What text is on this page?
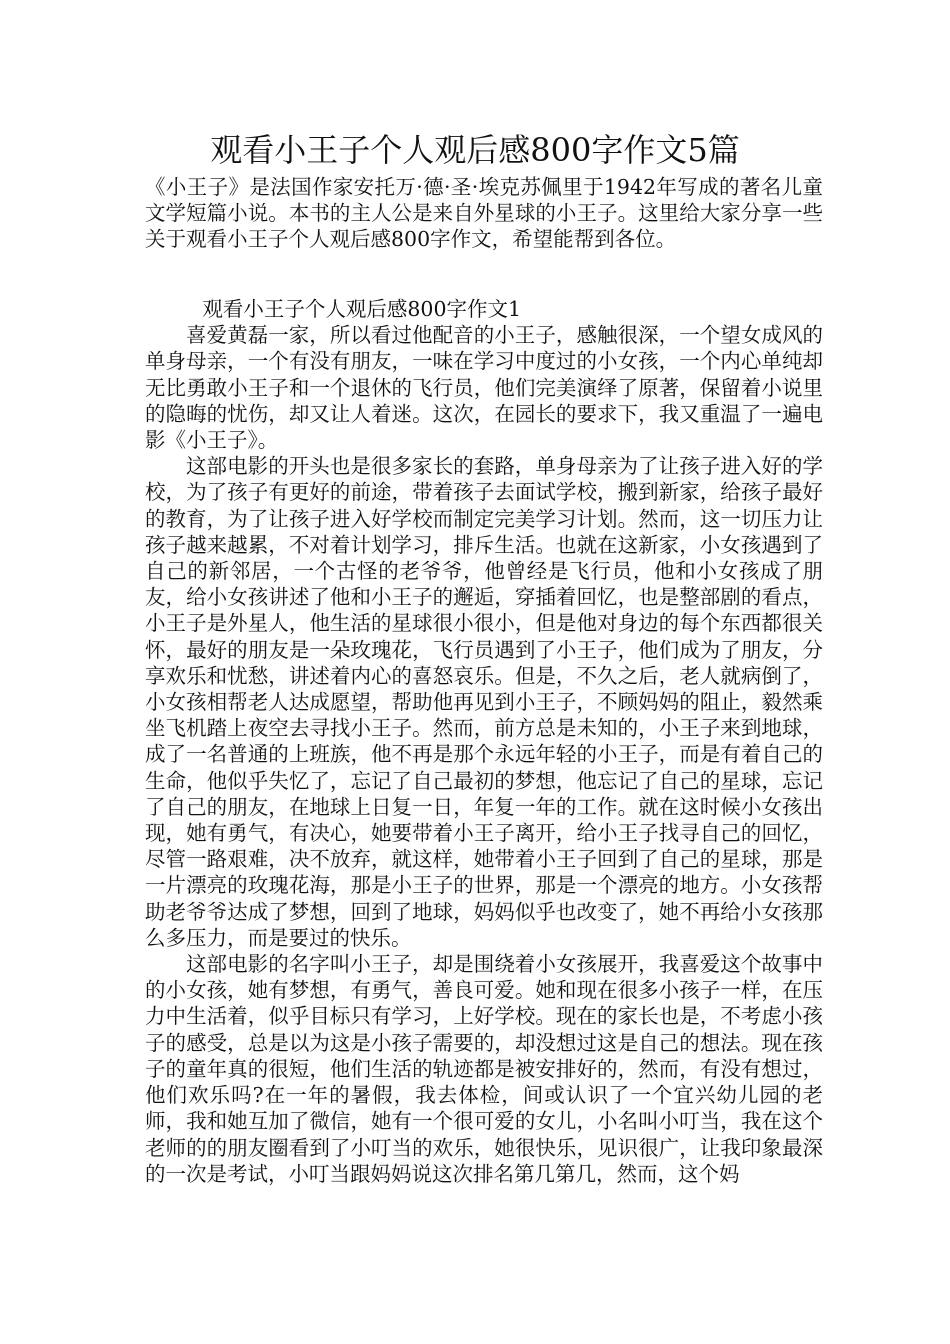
观看小王子个人观后感800字作文5篇

《小王子》是法国作家安托万·德·圣·埃克苏佩里于1942年写成的著名儿童文学短篇小说。本书的主人公是来自外星球的小王子。这里给大家分享一些关于观看小王子个人观后感800字作文，希望能帮到各位。

观看小王子个人观后感800字作文1

喜爱黄磊一家，所以看过他配音的小王子，感触很深，一个望女成风的单身母亲，一个有没有朋友，一味在学习中度过的小女孩，一个内心单纯却无比勇敢小王子和一个退休的飞行员，他们完美演绎了原著，保留着小说里的隐晦的忧伤，却又让人着迷。这次，在园长的要求下，我又重温了一遍电影《小王子》。

这部电影的开头也是很多家长的套路，单身母亲为了让孩子进入好的学校，为了孩子有更好的前途，带着孩子去面试学校，搬到新家，给孩子最好的教育，为了让孩子进入好学校而制定完美学习计划。然而，这一切压力让孩子越来越累，不对着计划学习，排斥生活。也就在这新家，小女孩遇到了自己的新邻居，一个古怪的老爷爷，他曾经是飞行员，他和小女孩成了朋友，给小女孩讲述了他和小王子的邂逅，穿插着回忆，也是整部剧的看点，小王子是外星人，他生活的星球很小很小，但是他对身边的每个东西都很关怀，最好的朋友是一朵玫瑰花，飞行员遇到了小王子，他们成为了朋友，分享欢乐和忧愁，讲述着内心的喜怒哀乐。但是，不久之后，老人就病倒了，小女孩相帮老人达成愿望，帮助他再见到小王子，不顾妈妈的阻止，毅然乘坐飞机踏上夜空去寻找小王子。然而，前方总是未知的，小王子来到地球，成了一名普通的上班族，他不再是那个永远年轻的小王子，而是有着自己的生命，他似乎失忆了，忘记了自己最初的梦想，他忘记了自己的星球，忘记了自己的朋友，在地球上日复一日，年复一年的工作。就在这时候小女孩出现，她有勇气，有决心，她要带着小王子离开，给小王子找寻自己的回忆，尽管一路艰难，决不放弃，就这样，她带着小王子回到了自己的星球，那是一片漂亮的玫瑰花海，那是小王子的世界，那是一个漂亮的地方。小女孩帮助老爷爷达成了梦想，回到了地球，妈妈似乎也改变了，她不再给小女孩那么多压力，而是要过的快乐。

这部电影的名字叫小王子，却是围绕着小女孩展开，我喜爱这个故事中的小女孩，她有梦想，有勇气，善良可爱。她和现在很多小孩子一样，在压力中生活着，似乎目标只有学习，上好学校。现在的家长也是，不考虑小孩子的感受，总是以为这是小孩子需要的，却没想过这是自己的想法。现在孩子的童年真的很短，他们生活的轨迹都是被安排好的，然而，有没有想过，他们欢乐吗?在一年的暑假，我去体检，间或认识了一个宜兴幼儿园的老师，我和她互加了微信，她有一个很可爱的女儿，小名叫小叮当，我在这个老师的的朋友圈看到了小叮当的欢乐，她很快乐，见识很广，让我印象最深的一次是考试，小叮当跟妈妈说这次排名第几第几，然而，这个妈
